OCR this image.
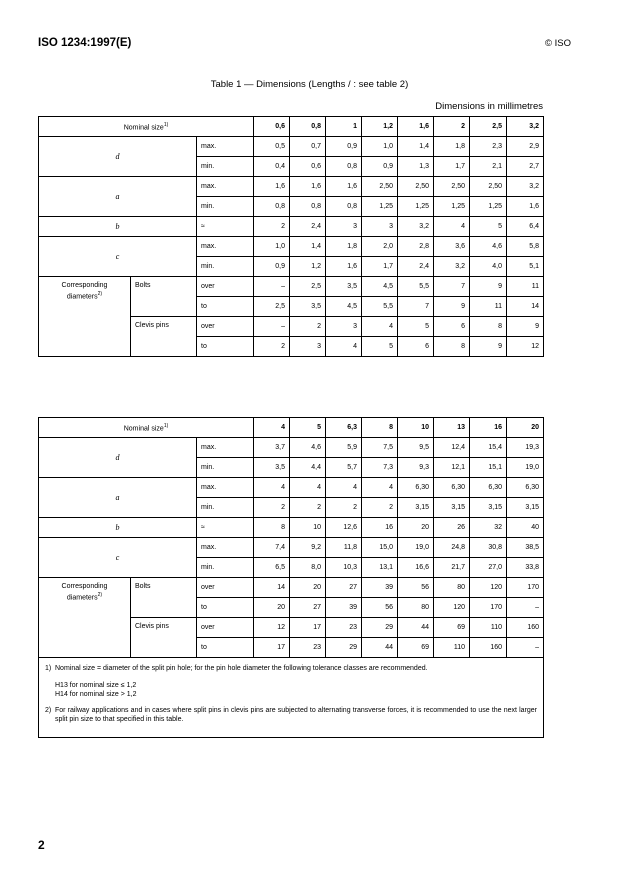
ISO 1234:1997(E)	© ISO
Table 1 — Dimensions (Lengths / : see table 2)
Dimensions in millimetres
Nominal size$^{1)}$			0,6	0,8	1	1,2	1,6	2	2,5	3,2
d		max.	0,5	0,7	0,9	1,0	1,4	1,8	2,3	2,9
		min.	0,4	0,6	0,8	0,9	1,3	1,7	2,1	2,7
a		max.	1,6	1,6	1,6	2,50	2,50	2,50	2,50	3,2
		min.	0,8	0,8	0,8	1,25	1,25	1,25	1,25	1,6
b		≈	2	2,4	3	3	3,2	4	5	6,4
c		max.	1,0	1,4	1,8	2,0	2,8	3,6	4,6	5,8
		min.	0,9	1,2	1,6	1,7	2,4	3,2	4,0	5,1
Corresponding diameters$^{2)}$	Bolts	over	–	2,5	3,5	4,5	5,5	7	9	11
		to	2,5	3,5	4,5	5,5	7	9	11	14
	Clevis pins	over	–	2	3	4	5	6	8	9
		to	2	3	4	5	6	8	9	12
Nominal size$^{1)}$			4	5	6,3	8	10	13	16	20
d		max.	3,7	4,6	5,9	7,5	9,5	12,4	15,4	19,3
		min.	3,5	4,4	5,7	7,3	9,3	12,1	15,1	19,0
a		max.	4	4	4	4	6,30	6,30	6,30	6,30
		min.	2	2	2	2	3,15	3,15	3,15	3,15
b		≈	8	10	12,6	16	20	26	32	40
c		max.	7,4	9,2	11,8	15,0	19,0	24,8	30,8	38,5
		min.	6,5	8,0	10,3	13,1	16,6	21,7	27,0	33,8
Corresponding diameters$^{2)}$	Bolts	over	14	20	27	39	56	80	120	170
		to	20	27	39	56	80	120	170	–
	Clevis pins	over	12	17	23	29	44	69	110	160
		to	17	23	29	44	69	110	160	–

1) Nominal size = diameter of the split pin hole; for the pin hole diameter the following tolerance classes are recommended.
H13 for nominal size ≤ 1,2
H14 for nominal size > 1,2
2) For railway applications and in cases where split pins in clevis pins are subjected to alternating transverse forces, it is recommended to use the next larger split pin size to that specified in this table.										
2
